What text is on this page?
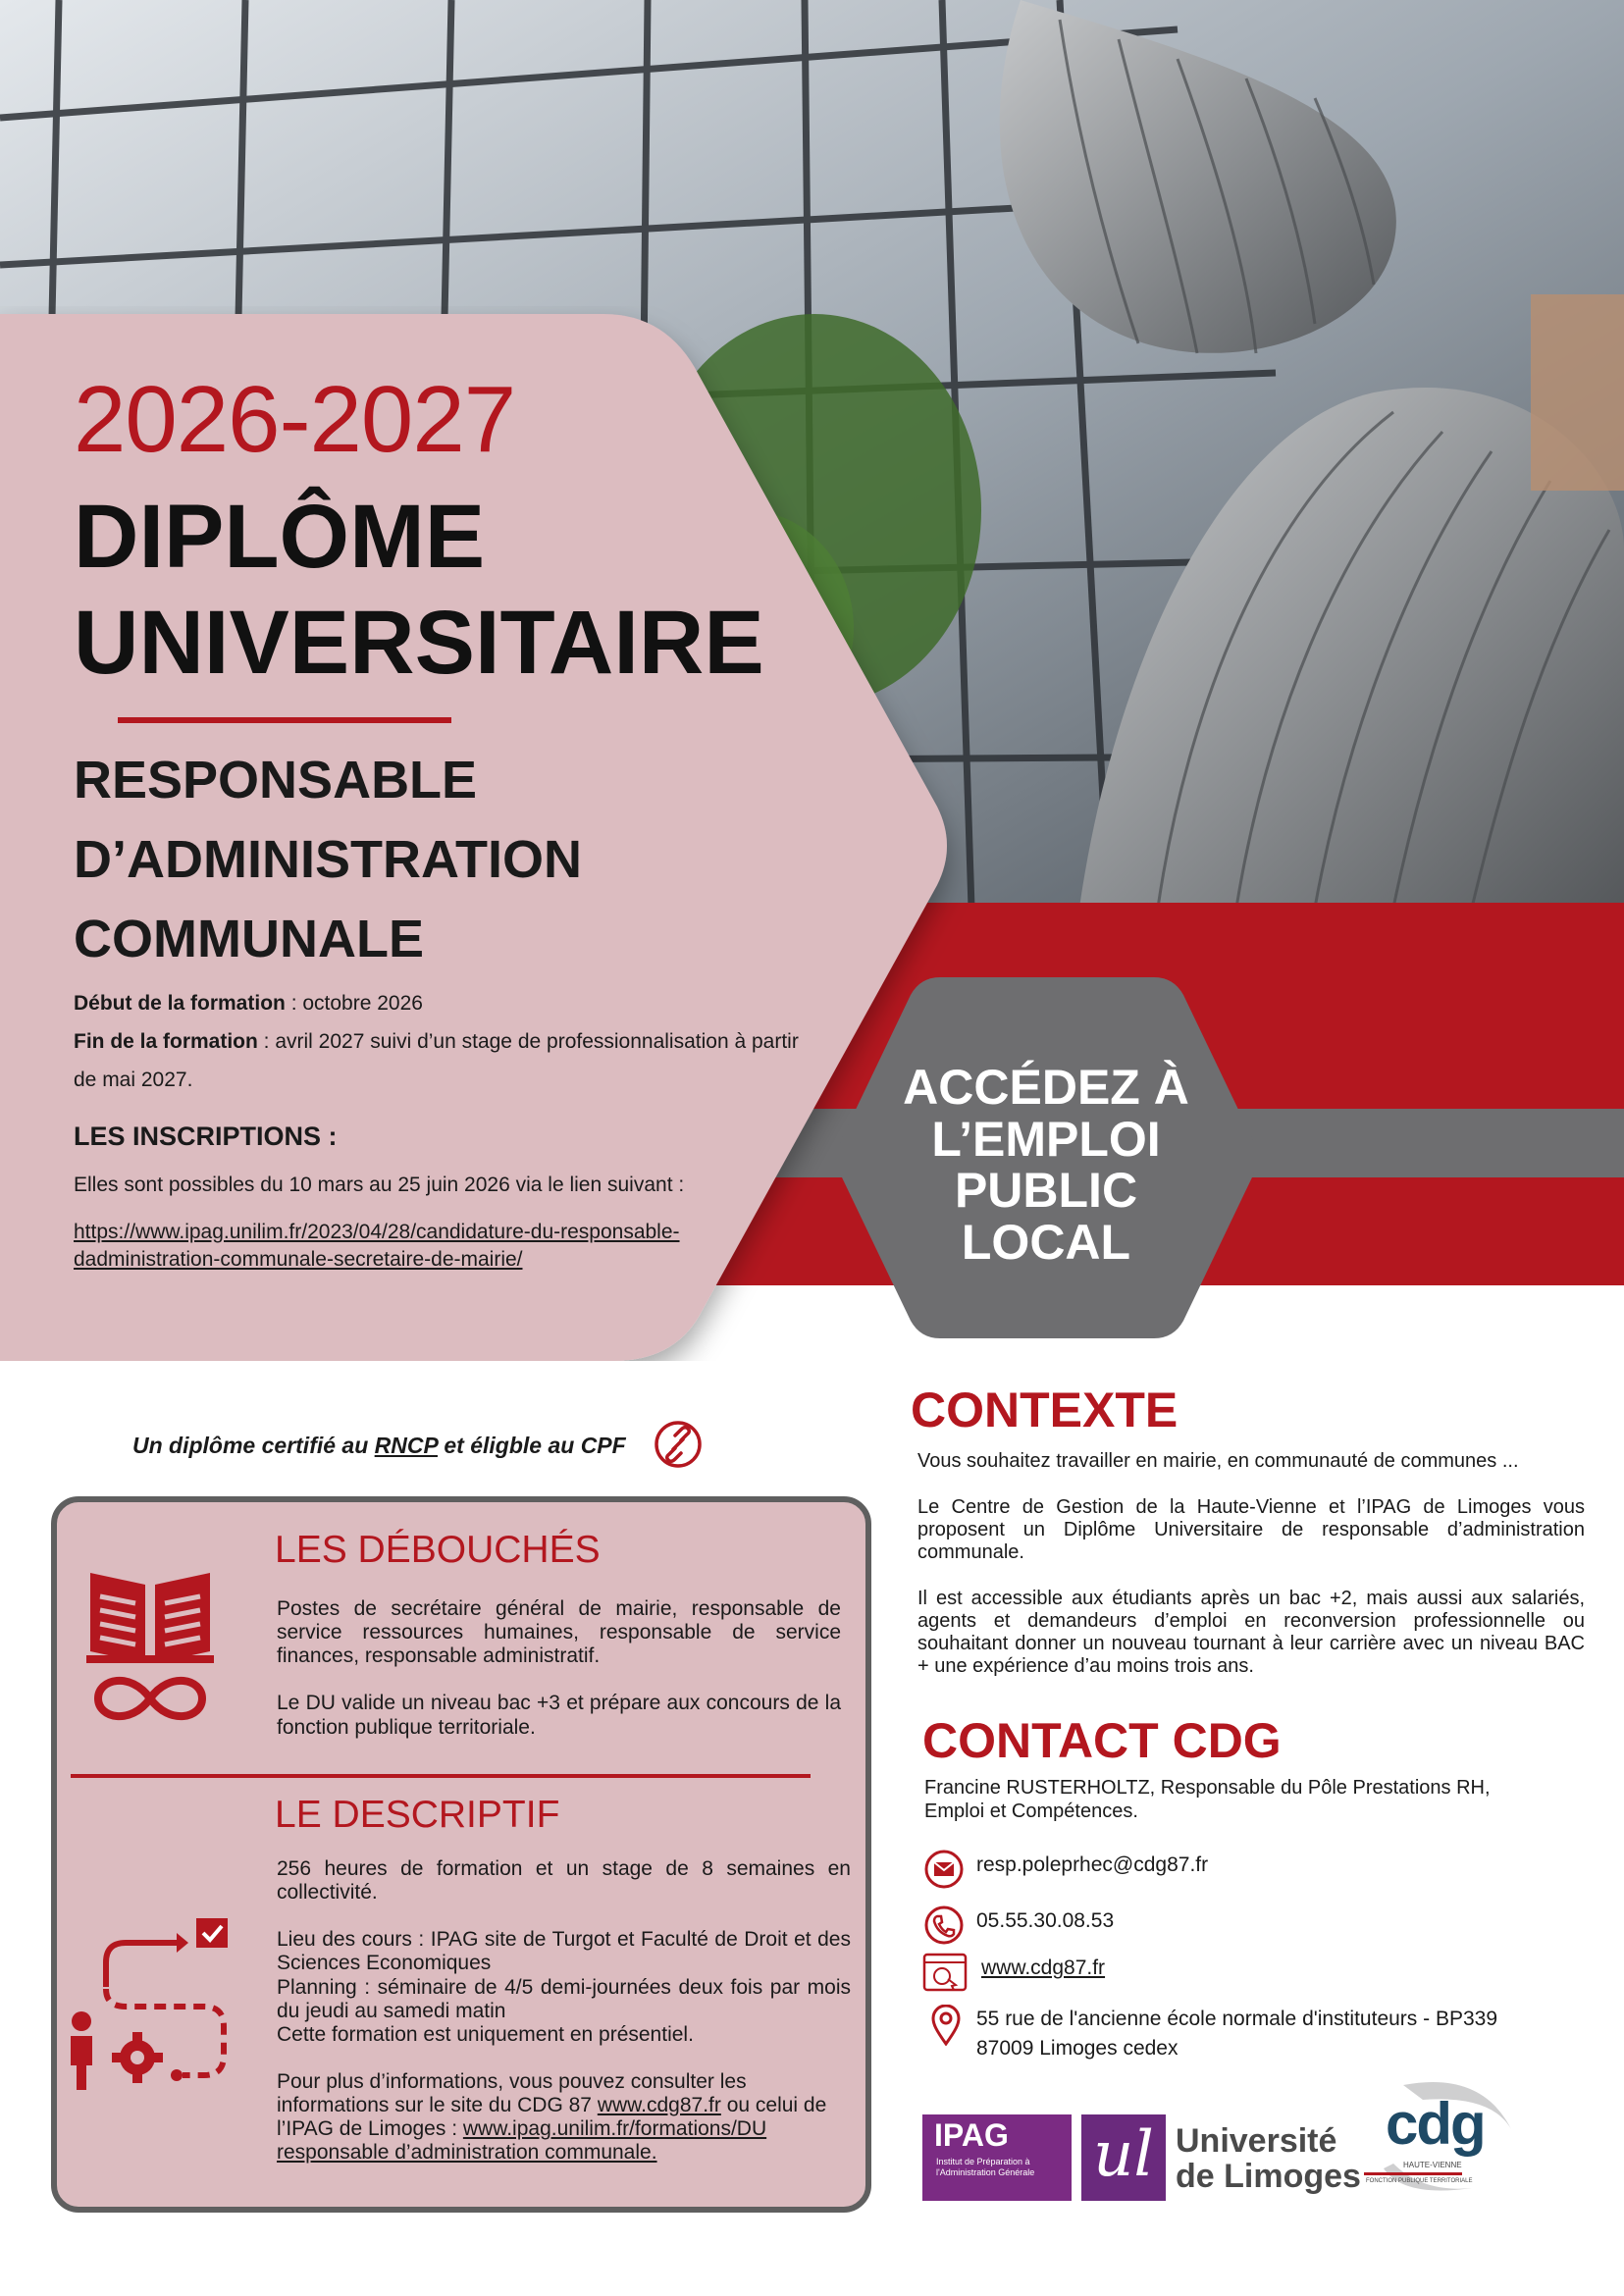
2026-2027
DIPLÔME
UNIVERSITAIRE
RESPONSABLE
D’ADMINISTRATION
COMMUNALE
Début de la formation : octobre 2026
Fin de la formation : avril 2027 suivi d’un stage de professionnalisation à partir de mai 2027.
LES INSCRIPTIONS :
Elles sont possibles du 10 mars au 25 juin 2026 via le lien suivant :
https://www.ipag.unilim.fr/2023/04/28/candidature-du-responsable-dadministration-communale-secretaire-de-mairie/
ACCÉDEZ À
L’EMPLOI
PUBLIC
LOCAL
Un diplôme certifié au RNCP et éligble au CPF
LES DÉBOUCHÉS
Postes de secrétaire général de mairie, responsable de service ressources humaines, responsable de service finances, responsable administratif.
Le DU valide un niveau bac +3 et prépare aux concours de la fonction publique territoriale.
LE DESCRIPTIF
256 heures de formation et un stage de 8 semaines en collectivité.
Lieu des cours : IPAG site de Turgot et Faculté de Droit et des Sciences Economiques
Planning : séminaire de 4/5 demi-journées deux fois par mois du jeudi au samedi matin
Cette formation est uniquement en présentiel.
Pour plus d’informations, vous pouvez consulter les informations sur le site du CDG 87 www.cdg87.fr ou celui de l’IPAG de Limoges : www.ipag.unilim.fr/formations/DU responsable d’administration communale.
CONTEXTE
Vous souhaitez travailler en mairie, en communauté de communes ...
Le Centre de Gestion de la Haute-Vienne et l’IPAG de Limoges vous proposent un Diplôme Universitaire de responsable d’administration communale.
Il est accessible aux étudiants après un bac +2, mais aussi aux salariés, agents et demandeurs d’emploi en reconversion professionnelle ou souhaitant donner un nouveau tournant à leur carrière avec un niveau BAC + une expérience d’au moins trois ans.
CONTACT CDG
Francine RUSTERHOLTZ, Responsable du Pôle Prestations RH, Emploi et Compétences.
resp.poleprhec@cdg87.fr
05.55.30.08.53
www.cdg87.fr
55 rue de l'ancienne école normale d'instituteurs - BP339
87009 Limoges cedex
IPAG
Institut de Préparation à l'Administration Générale ul Université
de Limoges
cdg
HAUTE-VIENNE
FONCTION PUBLIQUE TERRITORIALE
